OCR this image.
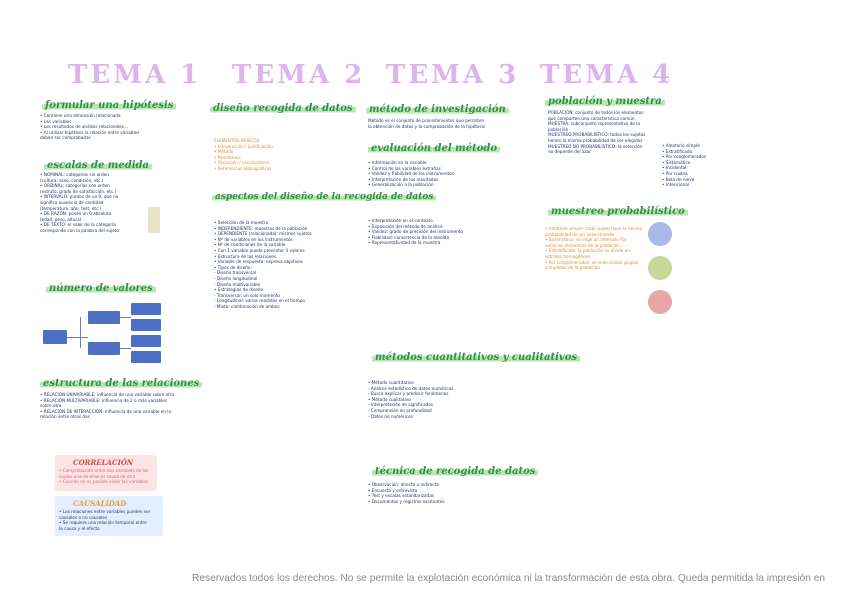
TEMA 1 TEMA 2 TEMA 3 TEMA 4
formular una hipótesis
• Contiene una dimensión relacionada
• Las variables
• Los resultados de análisis relacionales...
• Al utilizar hipótesis la relación entre variables
deben ser comprobadas
escalas de medida
• NOMINAL: categorías sin orden
(cultura, sexo, condición, etc.)
• ORDINAL: categorías con orden
(estrato, grado de satisfacción, etc.)
• INTERVALO: puntos de un 0, que no
significa ausencia de cantidad
(temperatura, año, test, etc.)
• DE RAZÓN: posee un 0 absoluto
(edad, peso, altura)
• DE TEXTO: el valor de la categoría
corresponde con la palabra del sujeto
número de valores
estructura de las relaciones
• RELACIÓN UNIVARIABLE: influencia de una variable sobre otra
• RELACIÓN MULTIVARIABLE: influencia de 2 o más variables sobre otra
• RELACIÓN DE INTERACCIÓN: influencia de una variable en la relación entre otras dos
CORRELACIÓN
• Comprobación entre dos variables de las
cuales una de ellas es causa de otra
• Cuando no es posible aislar las variables
CAUSALIDAD
• Las relaciones entre variables pueden ser
causales o no causales
• Se requiere una relación temporal entre
la causa y el efecto
diseño recogida de datos
ELEMENTOS BÁSICOS
• Introducción / justificación
• Método
• Resultados
• Discusión / conclusiones
• Referencias bibliográficas
aspectos del diseño de la recogida de datos
• Selección de la muestra
• INDEPENDIENTE: muestras de la población
• DEPENDIENTE (relacionada): mismos sujetos
• Nº de variables en los instrumentos
• Nº de condiciones de la variable
• Con 1 variable puede presentar 3 valores
• Estructura de las relaciones
• Variable de respuesta: expresa objetivos
• Tipos de diseño:
- Diseño transversal
- Diseño longitudinal
- Diseño multivariable
• Estrategias de diseño
- Transversal: un solo momento
- Longitudinal: varias medidas en el tiempo
- Mixto: combinación de ambos
método de investigación
Método es el conjunto de procedimientos que permiten
la obtención de datos y la comprobación de la hipótesis
evaluación del método
• Información en la variable
• Control de las variables extrañas
• Validez y fiabilidad de los instrumentos
• Interpretación de los resultados
• Generalización a la población
• Interpretación en el contexto
• Exposición del método de análisis
• Validez: grado de precisión del instrumento
• Fiabilidad: consistencia de la medida
• Representatividad de la muestra
métodos cuantitativos y cualitativos
• Método cuantitativo
- Análisis estadístico de datos numéricos
- Busca explicar y predecir fenómenos
• Método cualitativo
- Interpretación de significados
- Comprensión en profundidad
- Datos no numéricos
técnica de recogida de datos
• Observación: directa o indirecta
• Encuesta y entrevista
• Test y escalas estandarizadas
• Documentos y registros existentes
población y muestra
POBLACIÓN: conjunto de todos los elementos
que comparten una característica común
MUESTRA: subconjunto representativo de la
población
MUESTREO PROBABILÍSTICO: todos los sujetos
tienen la misma probabilidad de ser elegidos
MUESTREO NO PROBABILÍSTICO: la selección
no depende del azar
• Aleatorio simple
• Estratificado
• Por conglomerados
• Sistemático
• Incidental
• Por cuotas
• Bola de nieve
• Intencional
muestreo probabilístico
• Aleatorio simple: cada sujeto tiene la misma
probabilidad de ser seleccionado
• Sistemático: se elige un intervalo fijo
entre los elementos de la población
• Estratificado: la población se divide en
estratos homogéneos
• Por conglomerados: se seleccionan grupos
completos de la población
Reservados todos los derechos. No se permite la explotación económica ni la transformación de esta obra. Queda permitida la impresión en
